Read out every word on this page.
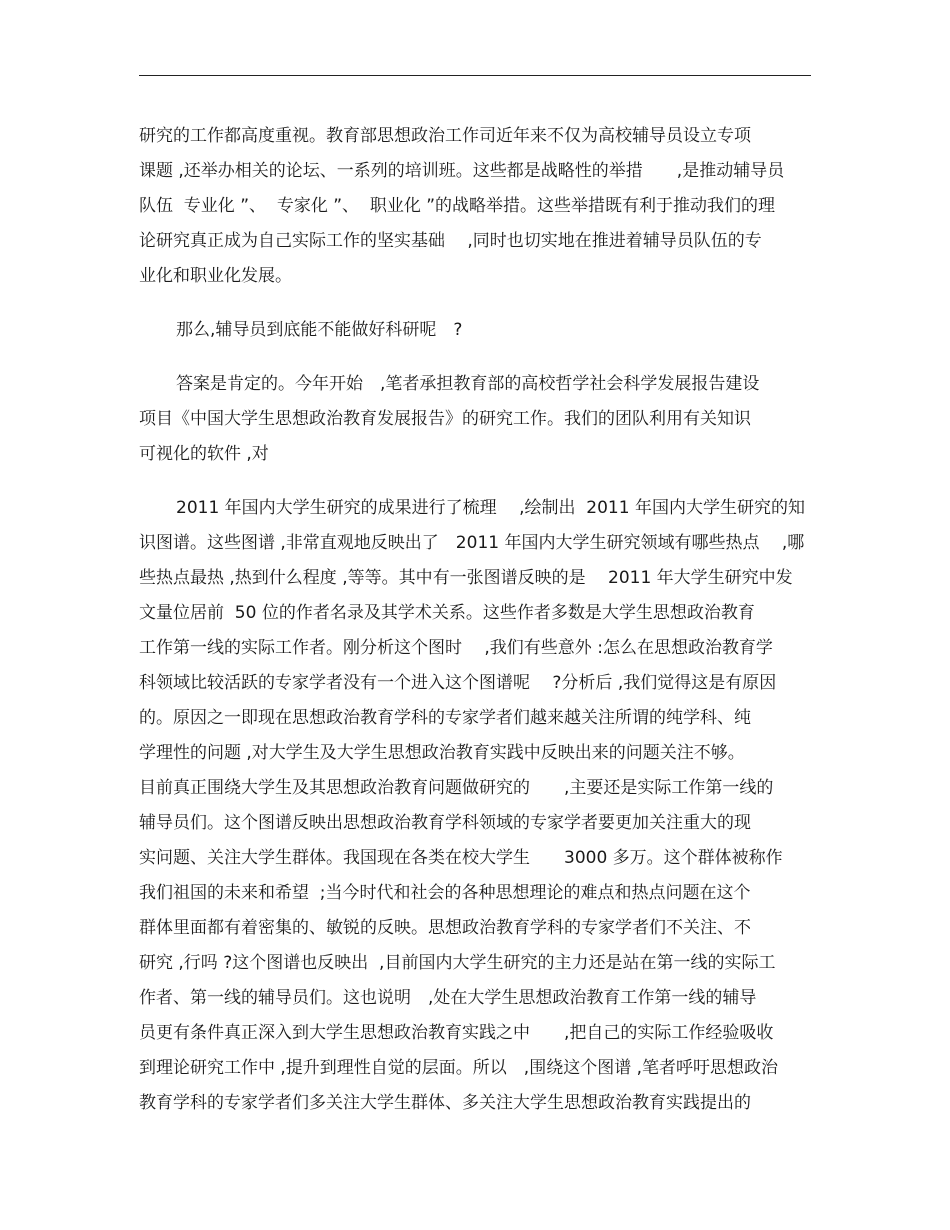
研究的工作都高度重视。教育部思想政治工作司近年来不仅为高校辅导员设立专项
课题 ,还举办相关的论坛、一系列的培训班。这些都是战略性的举措　　,是推动辅导员
队伍  专业化 ”、  专家化 ”、  职业化 ”的战略举措。这些举措既有利于推动我们的理
论研究真正成为自己实际工作的坚实基础　 ,同时也切实地在推进着辅导员队伍的专
业化和职业化发展。
那么,辅导员到底能不能做好科研呢　?
答案是肯定的。今年开始　,笔者承担教育部的高校哲学社会科学发展报告建设
项目《中国大学生思想政治教育发展报告》的研究工作。我们的团队利用有关知识
可视化的软件 ,对
2011 年国内大学生研究的成果进行了梳理　 ,绘制出  2011 年国内大学生研究的知
识图谱。这些图谱 ,非常直观地反映出了　2011 年国内大学生研究领域有哪些热点　 ,哪
些热点最热 ,热到什么程度 ,等等。其中有一张图谱反映的是　 2011 年大学生研究中发
文量位居前  50 位的作者名录及其学术关系。这些作者多数是大学生思想政治教育
工作第一线的实际工作者。刚分析这个图时　 ,我们有些意外 :怎么在思想政治教育学
科领域比较活跃的专家学者没有一个进入这个图谱呢　 ?分析后 ,我们觉得这是有原因
的。原因之一即现在思想政治教育学科的专家学者们越来越关注所谓的纯学科、纯
学理性的问题 ,对大学生及大学生思想政治教育实践中反映出来的问题关注不够。
目前真正围绕大学生及其思想政治教育问题做研究的　　,主要还是实际工作第一线的
辅导员们。这个图谱反映出思想政治教育学科领域的专家学者要更加关注重大的现
实问题、关注大学生群体。我国现在各类在校大学生　　3000 多万。这个群体被称作
我们祖国的未来和希望  ;当今时代和社会的各种思想理论的难点和热点问题在这个
群体里面都有着密集的、敏锐的反映。思想政治教育学科的专家学者们不关注、不
研究 ,行吗 ?这个图谱也反映出  ,目前国内大学生研究的主力还是站在第一线的实际工
作者、第一线的辅导员们。这也说明　,处在大学生思想政治教育工作第一线的辅导
员更有条件真正深入到大学生思想政治教育实践之中　　,把自己的实际工作经验吸收
到理论研究工作中 ,提升到理性自觉的层面。所以　,围绕这个图谱 ,笔者呼吁思想政治
教育学科的专家学者们多关注大学生群体、多关注大学生思想政治教育实践提出的
